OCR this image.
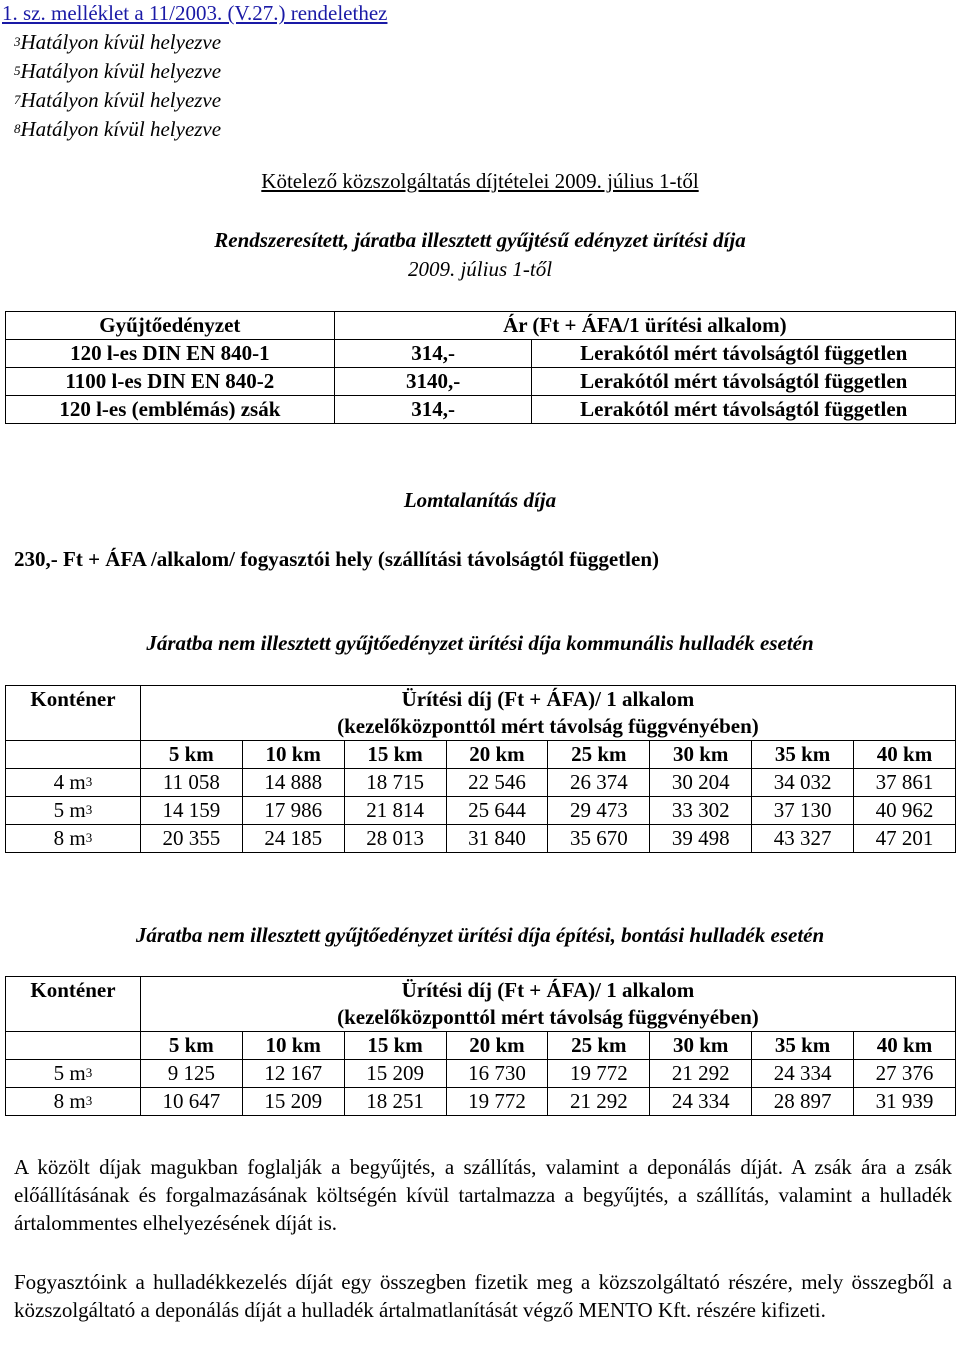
1. sz. melléklet a 11/2003. (V.27.) rendelethez
$^3$Hatályon kívül helyezve
$^5$Hatályon kívül helyezve
$^7$Hatályon kívül helyezve
$^8$Hatályon kívül helyezve
Kötelező közszolgáltatás díjtételei 2009. július 1-től
Rendszeresített, járatba illesztett gyűjtésű edényzet ürítési díja
2009. július 1-től
Gyűjtőedényzet	Ár (Ft + ÁFA/1 ürítési alkalom)	
120 l-es DIN EN 840-1	314,-	Lerakótól mért távolságtól független
1100 l-es DIN EN 840-2	3140,-	Lerakótól mért távolságtól független
120 l-es (emblémás) zsák	314,-	Lerakótól mért távolságtól független
Lomtalanítás díja
230,- Ft + ÁFA /alkalom/ fogyasztói hely (szállítási távolságtól független)
Járatba nem illesztett gyűjtőedényzet ürítési díja kommunális hulladék esetén
Konténer	Ürítési díj (Ft + ÁFA)/ 1 alkalom							
	(kezelőközponttól mért távolság függvényében)							
	5 km	10 km	15 km	20 km	25 km	30 km	35 km	40 km
4 $m^3$	11 058	14 888	18 715	22 546	26 374	30 204	34 032	37 861
5 $m^3$	14 159	17 986	21 814	25 644	29 473	33 302	37 130	40 962
8 $m^3$	20 355	24 185	28 013	31 840	35 670	39 498	43 327	47 201
Járatba nem illesztett gyűjtőedényzet ürítési díja építési, bontási hulladék esetén
Konténer	Ürítési díj (Ft + ÁFA)/ 1 alkalom							
	(kezelőközponttól mért távolság függvényében)							
	5 km	10 km	15 km	20 km	25 km	30 km	35 km	40 km
5 $m^3$	9 125	12 167	15 209	16 730	19 772	21 292	24 334	27 376
8 $m^3$	10 647	15 209	18 251	19 772	21 292	24 334	28 897	31 939
A közölt díjak magukban foglalják a begyűjtés, a szállítás, valamint a deponálás díját. A zsák ára a zsák előállításának és forgalmazásának költségén kívül tartalmazza a begyűjtés, a szállítás, valamint a hulladék ártalommentes elhelyezésének díját is.
Fogyasztóink a hulladékkezelés díját egy összegben fizetik meg a közszolgáltató részére, mely összegből a közszolgáltató a deponálás díját a hulladék ártalmatlanítását végző MENTO Kft. részére kifizeti.
